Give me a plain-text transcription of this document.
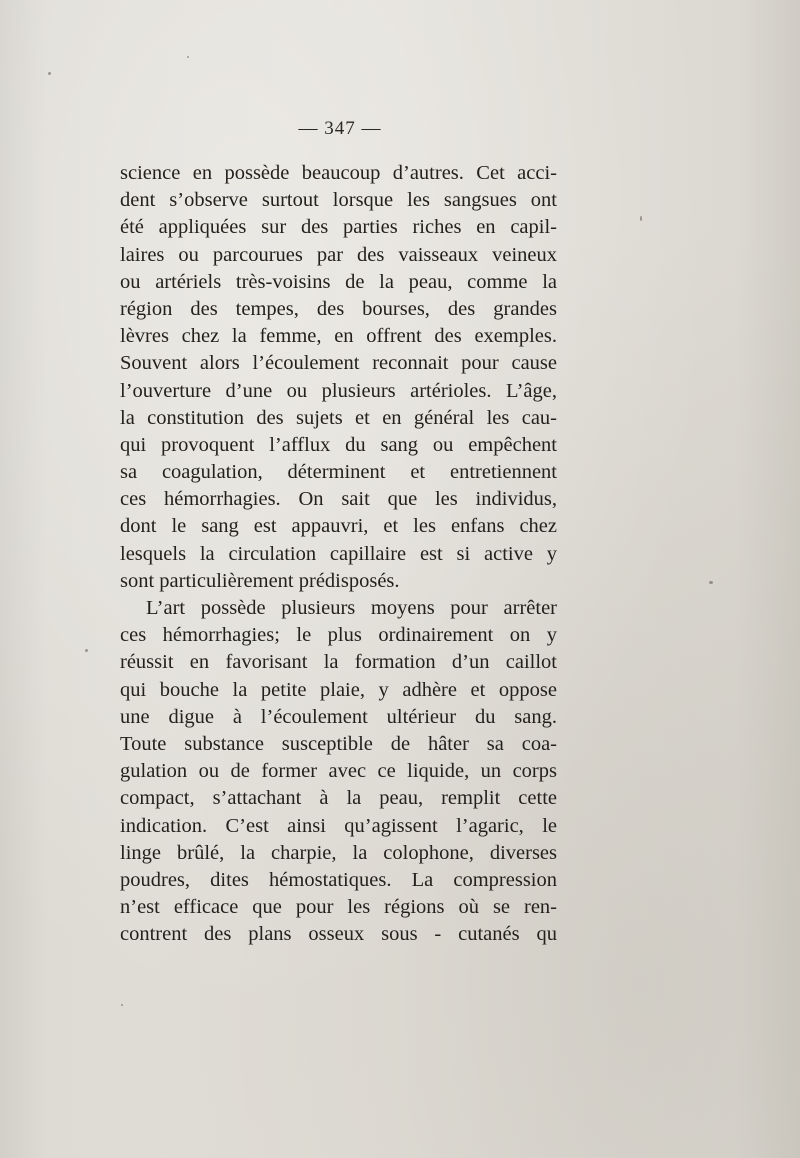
— 347 —
science en possède beaucoup d’autres. Cet acci-
dent s’observe surtout lorsque les sangsues ont
été appliquées sur des parties riches en capil-
laires ou parcourues par des vaisseaux veineux
ou artériels très-voisins de la peau, comme la
région des tempes, des bourses, des grandes
lèvres chez la femme, en offrent des exemples.
Souvent alors l’écoulement reconnait pour cause
l’ouverture d’une ou plusieurs artérioles. L’âge,
la constitution des sujets et en général les cau-
qui provoquent l’afflux du sang ou empêchent
sa coagulation, déterminent et entretiennent
ces hémorrhagies. On sait que les individus,
dont le sang est appauvri, et les enfans chez
lesquels la circulation capillaire est si active y
sont particulièrement prédisposés.
L’art possède plusieurs moyens pour arrêter
ces hémorrhagies; le plus ordinairement on y
réussit en favorisant la formation d’un caillot
qui bouche la petite plaie, y adhère et oppose
une digue à l’écoulement ultérieur du sang.
Toute substance susceptible de hâter sa coa-
gulation ou de former avec ce liquide, un corps
compact, s’attachant à la peau, remplit cette
indication. C’est ainsi qu’agissent l’agaric, le
linge brûlé, la charpie, la colophone, diverses
poudres, dites hémostatiques. La compression
n’est efficace que pour les régions où se ren-
contrent des plans osseux sous - cutanés qu
